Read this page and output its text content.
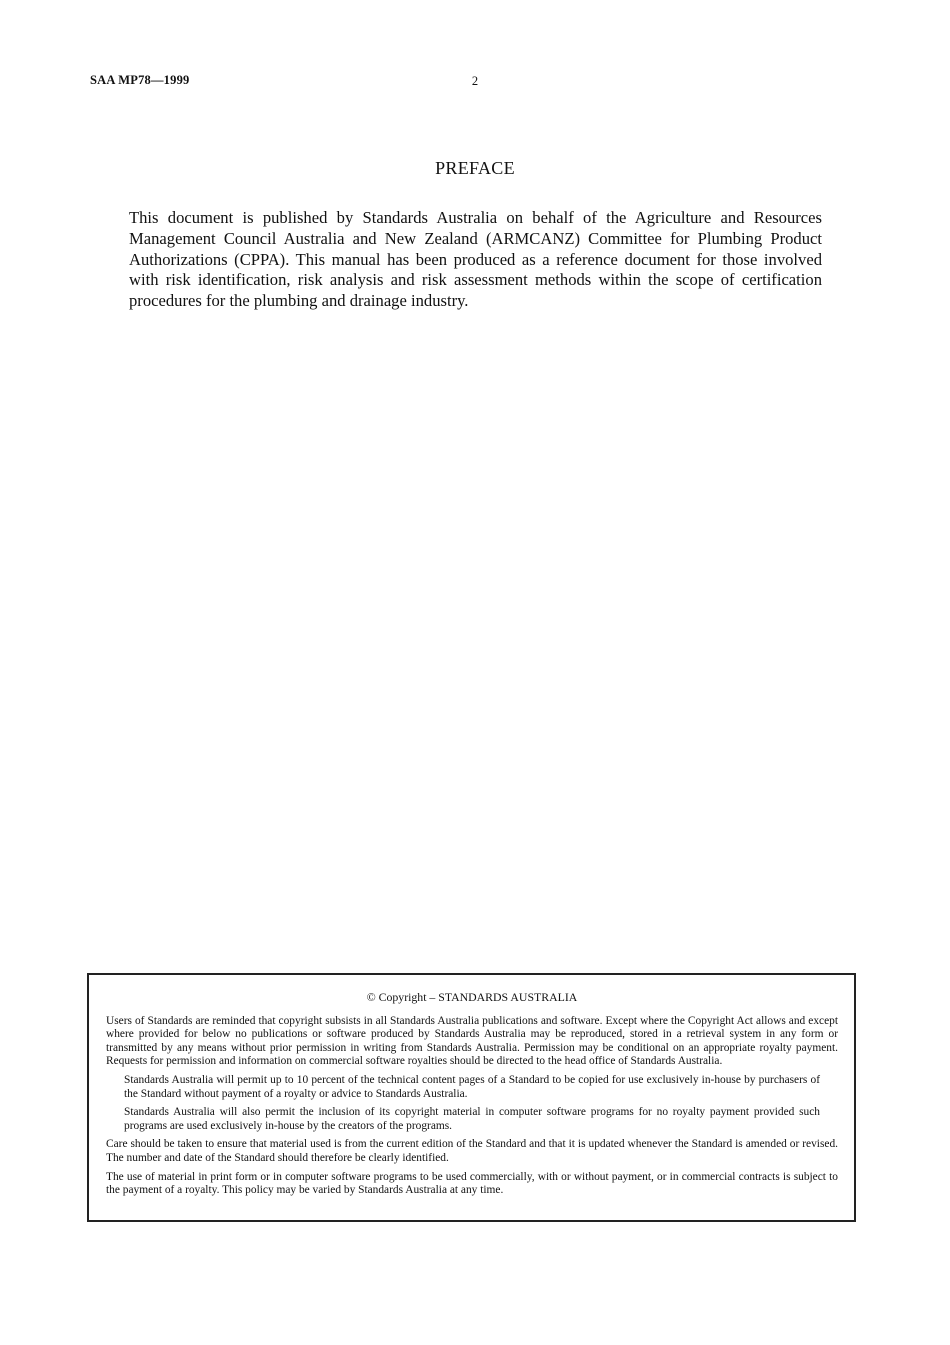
SAA MP78—1999	2
PREFACE

This document is published by Standards Australia on behalf of the Agriculture and Resources Management Council Australia and New Zealand (ARMCANZ) Committee for Plumbing Product Authorizations (CPPA). This manual has been produced as a reference document for those involved with risk identification, risk analysis and risk assessment methods within the scope of certification procedures for the plumbing and drainage industry.

© Copyright – STANDARDS AUSTRALIA

Users of Standards are reminded that copyright subsists in all Standards Australia publications and software. Except where the Copyright Act allows and except where provided for below no publications or software produced by Standards Australia may be reproduced, stored in a retrieval system in any form or transmitted by any means without prior permission in writing from Standards Australia. Permission may be conditional on an appropriate royalty payment. Requests for permission and information on commercial software royalties should be directed to the head office of Standards Australia.

Standards Australia will permit up to 10 percent of the technical content pages of a Standard to be copied for use exclusively in-house by purchasers of the Standard without payment of a royalty or advice to Standards Australia.

Standards Australia will also permit the inclusion of its copyright material in computer software programs for no royalty payment provided such programs are used exclusively in-house by the creators of the programs.

Care should be taken to ensure that material used is from the current edition of the Standard and that it is updated whenever the Standard is amended or revised. The number and date of the Standard should therefore be clearly identified.

The use of material in print form or in computer software programs to be used commercially, with or without payment, or in commercial contracts is subject to the payment of a royalty. This policy may be varied by Standards Australia at any time.
